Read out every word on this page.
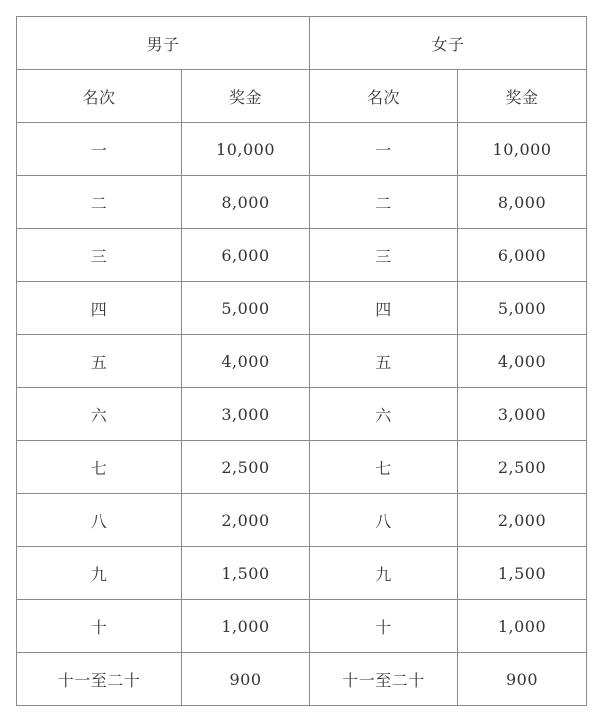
男子		女子	
名次	奖金	名次	奖金
一	10,000	一	10,000
二	8,000	二	8,000
三	6,000	三	6,000
四	5,000	四	5,000
五	4,000	五	4,000
六	3,000	六	3,000
七	2,500	七	2,500
八	2,000	八	2,000
九	1,500	九	1,500
十	1,000	十	1,000
十一至二十	900	十一至二十	900
